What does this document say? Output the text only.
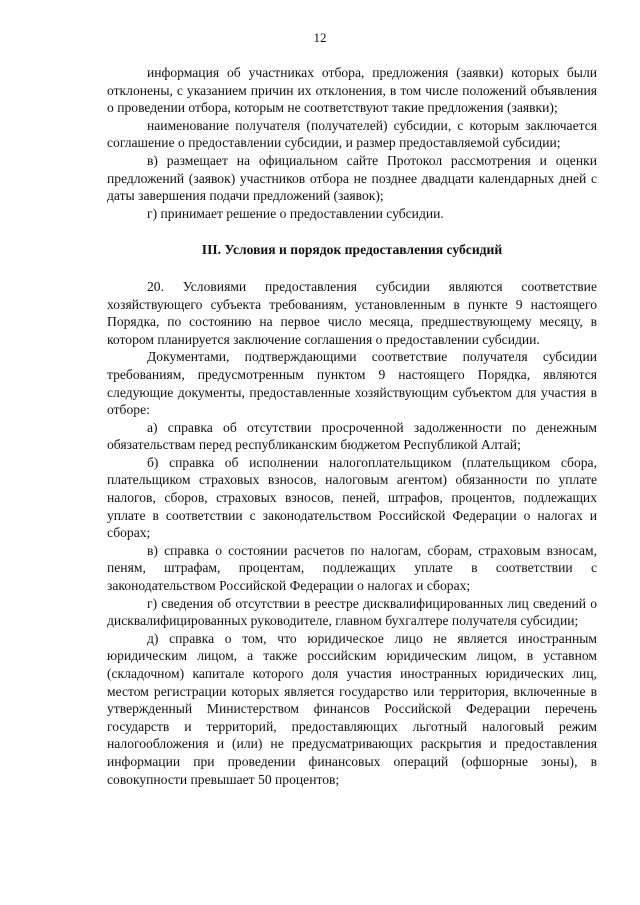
12

информация об участниках отбора, предложения (заявки) которых были отклонены, с указанием причин их отклонения, в том числе положений объявления о проведении отбора, которым не соответствуют такие предложения (заявки);

наименование получателя (получателей) субсидии, с которым заключается соглашение о предоставлении субсидии, и размер предоставляемой субсидии;

в) размещает на официальном сайте Протокол рассмотрения и оценки предложений (заявок) участников отбора не позднее двадцати календарных дней с даты завершения подачи предложений (заявок);

г) принимает решение о предоставлении субсидии.

III. Условия и порядок предоставления субсидий

20. Условиями предоставления субсидии являются соответствие хозяйствующего субъекта требованиям, установленным в пункте 9 настоящего Порядка, по состоянию на первое число месяца, предшествующему месяцу, в котором планируется заключение соглашения о предоставлении субсидии.

Документами, подтверждающими соответствие получателя субсидии требованиям, предусмотренным пунктом 9 настоящего Порядка, являются следующие документы, предоставленные хозяйствующим субъектом для участия в отборе:

а) справка об отсутствии просроченной задолженности по денежным обязательствам перед республиканским бюджетом Республикой Алтай;

б) справка об исполнении налогоплательщиком (плательщиком сбора, плательщиком страховых взносов, налоговым агентом) обязанности по уплате налогов, сборов, страховых взносов, пеней, штрафов, процентов, подлежащих уплате в соответствии с законодательством Российской Федерации о налогах и сборах;

в) справка о состоянии расчетов по налогам, сборам, страховым взносам, пеням, штрафам, процентам, подлежащих уплате в соответствии с законодательством Российской Федерации о налогах и сборах;

г) сведения об отсутствии в реестре дисквалифицированных лиц сведений о дисквалифицированных руководителе, главном бухгалтере получателя субсидии;

д) справка о том, что юридическое лицо не является иностранным юридическим лицом, а также российским юридическим лицом, в уставном (складочном) капитале которого доля участия иностранных юридических лиц, местом регистрации которых является государство или территория, включенные в утвержденный Министерством финансов Российской Федерации перечень государств и территорий, предоставляющих льготный налоговый режим налогообложения и (или) не предусматривающих раскрытия и предоставления информации при проведении финансовых операций (офшорные зоны), в совокупности превышает 50 процентов;
